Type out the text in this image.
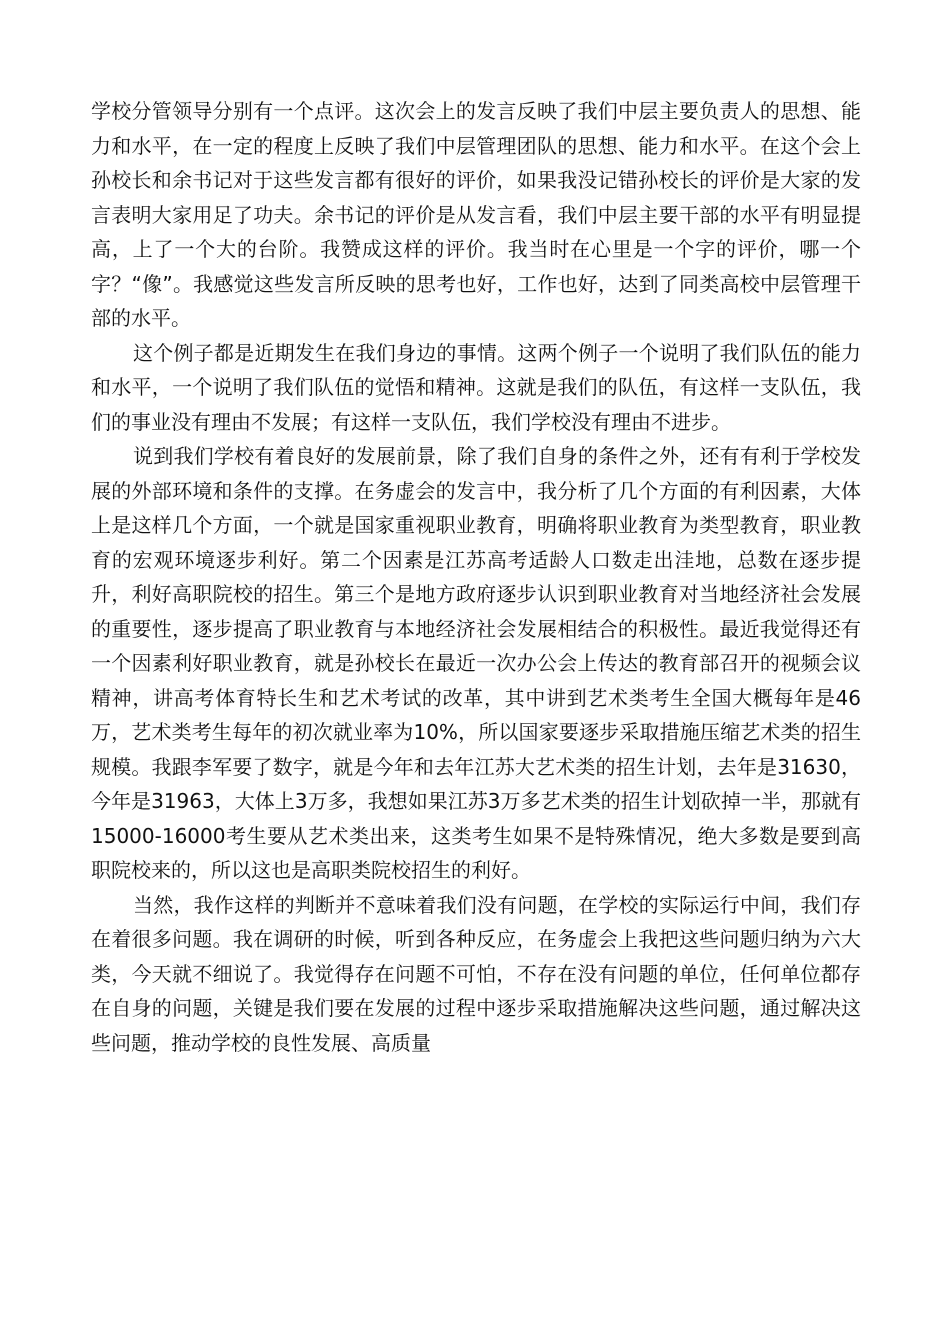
学校分管领导分别有一个点评。这次会上的发言反映了我们中层主要负责人的思想、能力和水平，在一定的程度上反映了我们中层管理团队的思想、能力和水平。在这个会上孙校长和余书记对于这些发言都有很好的评价，如果我没记错孙校长的评价是大家的发言表明大家用足了功夫。余书记的评价是从发言看，我们中层主要干部的水平有明显提高，上了一个大的台阶。我赞成这样的评价。我当时在心里是一个字的评价，哪一个字？“像”。我感觉这些发言所反映的思考也好，工作也好，达到了同类高校中层管理干部的水平。

这个例子都是近期发生在我们身边的事情。这两个例子一个说明了我们队伍的能力和水平，一个说明了我们队伍的觉悟和精神。这就是我们的队伍，有这样一支队伍，我们的事业没有理由不发展；有这样一支队伍，我们学校没有理由不进步。

说到我们学校有着良好的发展前景，除了我们自身的条件之外，还有有利于学校发展的外部环境和条件的支撑。在务虚会的发言中，我分析了几个方面的有利因素，大体上是这样几个方面，一个就是国家重视职业教育，明确将职业教育为类型教育，职业教育的宏观环境逐步利好。第二个因素是江苏高考适龄人口数走出洼地，总数在逐步提升，利好高职院校的招生。第三个是地方政府逐步认识到职业教育对当地经济社会发展的重要性，逐步提高了职业教育与本地经济社会发展相结合的积极性。最近我觉得还有一个因素利好职业教育，就是孙校长在最近一次办公会上传达的教育部召开的视频会议精神，讲高考体育特长生和艺术考试的改革，其中讲到艺术类考生全国大概每年是46万，艺术类考生每年的初次就业率为10%，所以国家要逐步采取措施压缩艺术类的招生规模。我跟李军要了数字，就是今年和去年江苏大艺术类的招生计划，去年是31630，今年是31963，大体上3万多，我想如果江苏3万多艺术类的招生计划砍掉一半，那就有15000-16000考生要从艺术类出来，这类考生如果不是特殊情况，绝大多数是要到高职院校来的，所以这也是高职类院校招生的利好。

当然，我作这样的判断并不意味着我们没有问题，在学校的实际运行中间，我们存在着很多问题。我在调研的时候，听到各种反应，在务虚会上我把这些问题归纳为六大类，今天就不细说了。我觉得存在问题不可怕，不存在没有问题的单位，任何单位都存在自身的问题，关键是我们要在发展的过程中逐步采取措施解决这些问题，通过解决这些问题，推动学校的良性发展、高质量
